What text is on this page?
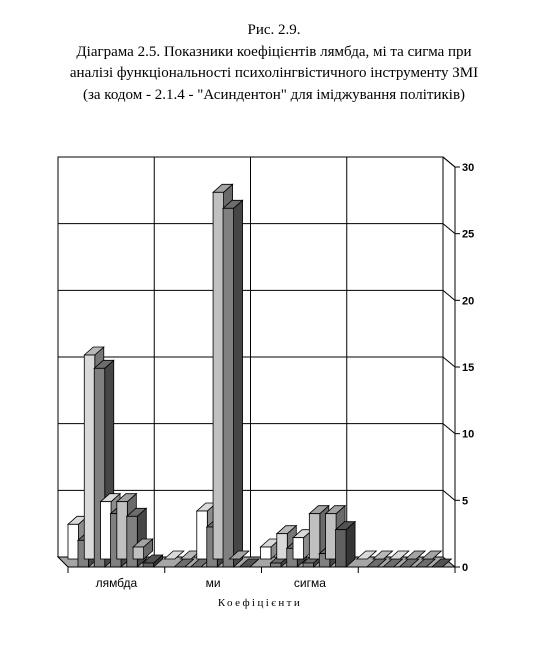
Рис. 2.9.
Діаграма 2.5. Показники коефіцієнтів лямбда, мі та сигма при
аналізі функціональності психолінгвістичного інструменту ЗМІ
(за кодом - 2.1.4 - "Асиндентон" для іміджування політиків)
лямбда	ми	сигма
0
5
10
15
20
25
30
Коефіцієнти
